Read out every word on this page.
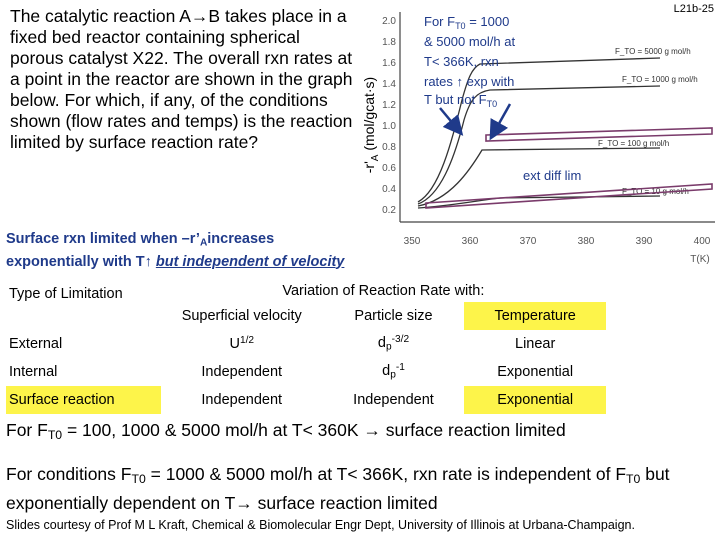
The catalytic reaction A→B takes place in a fixed bed reactor containing spherical porous catalyst X22. The overall rxn rates at a point in the reactor are shown in the graph below. For which, if any, of the conditions shown (flow rates and temps) is the reaction limited by surface reaction rate?
L21b-25
$-r'_A$ (mol/gcat·s)
2.0
1.8
1.6
1.4
1.2
1.0
0.8
0.6
0.4
0.2
350	360	370	380	390	400
T(K)
F_TO = 5000 g mol/h
F_TO = 1000 g mol/h
F_TO = 100 g mol/h
F_TO = 10 g mol/h
ext diff lim
For $F_{T0} = 1000$
& 5000 mol/h at
T< 366K, rxn
rates ↑ exp with
T but not $F_{T0}$
Surface rxn limited when $-r’_Aincreases$
exponentially with T↑ but independent of velocity
Type of Limitation	Variation of Reaction Rate with:		
	Superficial velocity	Particle size	Temperature
External	$U^{1/2}$	$d_p^{-3/2}$	Linear
Internal	Independent	$d_p^{-1}$	Exponential
Surface reaction	Independent	Independent	Exponential
For $F_{T0} = 100$, 1000 & 5000 mol/h at T< 360K → surface reaction limited
For conditions $F_{T0} = 1000$ & 5000 mol/h at T< 366K, rxn rate is independent of $F_{T0}$ but exponentially dependent on T→ surface reaction limited
Slides courtesy of Prof M L Kraft, Chemical & Biomolecular Engr Dept, University of Illinois at Urbana-Champaign.
